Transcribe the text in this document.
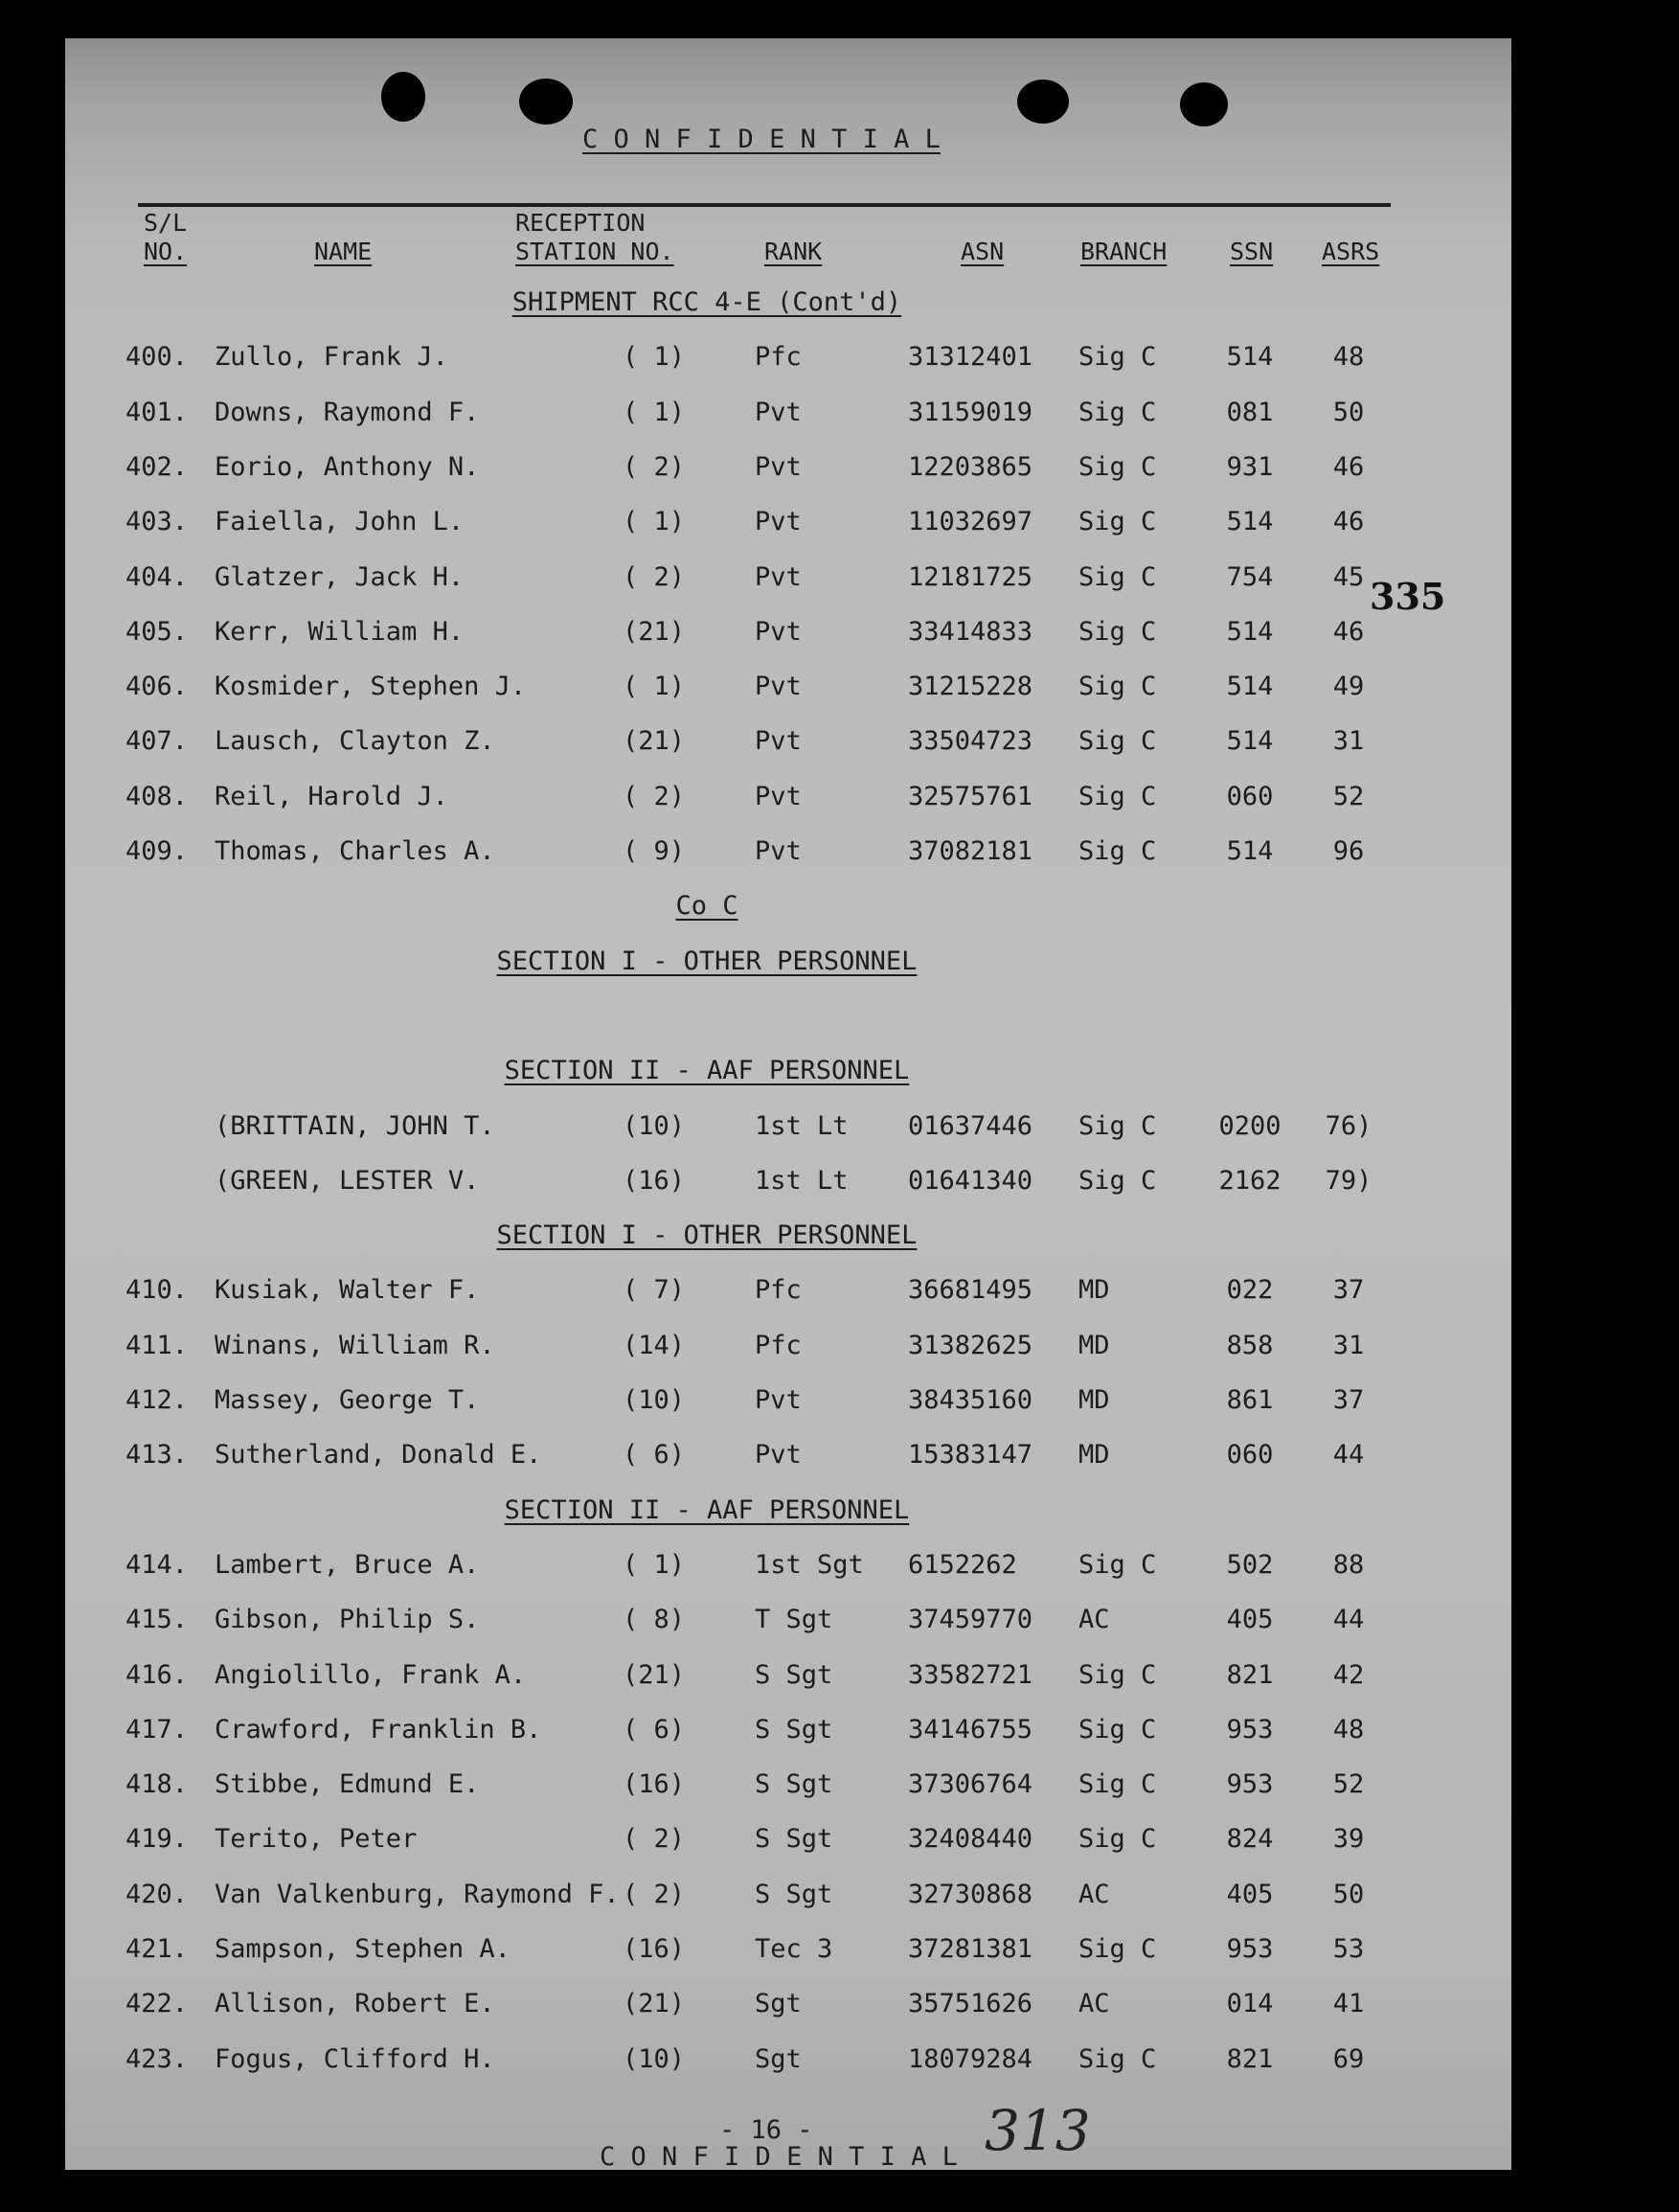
C O N F I D E N T I A L
S/L
NO.	NAME
RECEPTION
STATION NO.	RANK	ASN	BRANCH	SSN ASRS
SHIPMENT RCC 4-E (Cont'd)
400. Zullo, Frank J.	( 1)	Pfc	31312401 Sig C	514	48
401. Downs, Raymond F.	( 1)	Pvt	31159019 Sig C	081	50
402. Eorio, Anthony N.	( 2)	Pvt	12203865 Sig C	931	46
403. Faiella, John L.	( 1)	Pvt	11032697 Sig C	514	46
404. Glatzer, Jack H.	( 2)	Pvt	12181725 Sig C	754	45
405. Kerr, William H.	(21)	Pvt	33414833 Sig C	514	46
406. Kosmider, Stephen J.	( 1)	Pvt	31215228 Sig C	514	49
407. Lausch, Clayton Z.	(21)	Pvt	33504723 Sig C	514	31
408. Reil, Harold J.	( 2)	Pvt	32575761 Sig C	060	52
409. Thomas, Charles A.	( 9)	Pvt	37082181 Sig C	514	96
Co C
SECTION I - OTHER PERSONNEL
SECTION II - AAF PERSONNEL
(BRITTAIN, JOHN T.	(10)	1st Lt 01637446 Sig C	0200	76)
(GREEN, LESTER V.	(16)	1st Lt 01641340 Sig C	2162	79)
SECTION I - OTHER PERSONNEL
410. Kusiak, Walter F.	( 7)	Pfc	36681495 MD	022	37
411. Winans, William R.	(14)	Pfc	31382625 MD	858	31
412. Massey, George T.	(10)	Pvt	38435160 MD	861	37
413. Sutherland, Donald E.	( 6)	Pvt	15383147 MD	060	44
SECTION II - AAF PERSONNEL
414. Lambert, Bruce A.	( 1)	1st Sgt 6152262 Sig C	502	88
415. Gibson, Philip S.	( 8)	T Sgt	37459770 AC	405	44
416. Angiolillo, Frank A.	(21)	S Sgt	33582721 Sig C	821	42
417. Crawford, Franklin B.	( 6)	S Sgt	34146755 Sig C	953	48
418. Stibbe, Edmund E.	(16)	S Sgt	37306764 Sig C	953	52
419. Terito, Peter	( 2)	S Sgt	32408440 Sig C	824	39
420. Van Valkenburg, Raymond F. ( 2)	S Sgt	32730868 AC	405	50
421. Sampson, Stephen A.	(16)	Tec 3	37281381 Sig C	953	53
422. Allison, Robert E.	(21)	Sgt	35751626 AC	014	41
423. Fogus, Clifford H.	(10)	Sgt	18079284 Sig C	821	69
335
- 16 -
C O N F I D E N T I A L 313
